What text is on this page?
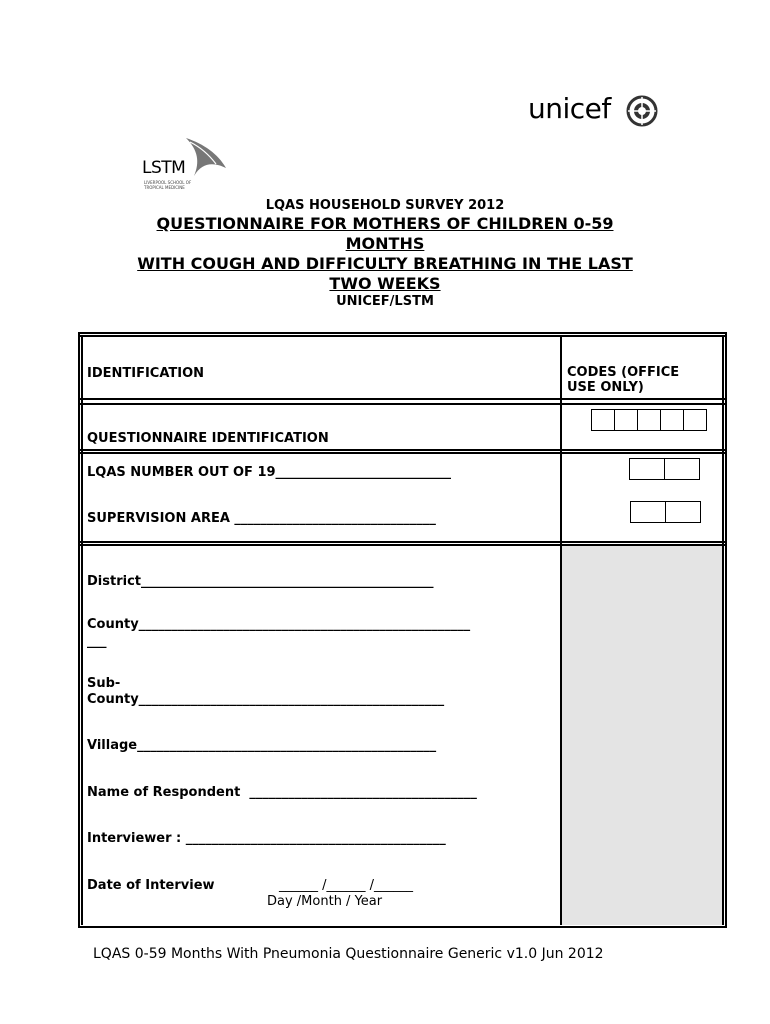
unicef
LSTM
LIVERPOOL SCHOOL OF TROPICAL MEDICINE
LQAS HOUSEHOLD SURVEY 2012
QUESTIONNAIRE FOR MOTHERS OF CHILDREN 0-59
MONTHS
WITH COUGH AND DIFFICULTY BREATHING IN THE LAST
TWO WEEKS
UNICEF/LSTM
IDENTIFICATION	CODES (OFFICE
USE ONLY)
QUESTIONNAIRE IDENTIFICATION
LQAS NUMBER OUT OF 19___________________________
SUPERVISION AREA _______________________________
District_____________________________________________
County___________________________________________________
___
Sub-
County_______________________________________________
Village______________________________________________
Name of Respondent  ___________________________________
Interviewer : ________________________________________
Date of Interview	______ /______ /______
Day /Month / Year
LQAS 0-59 Months With Pneumonia Questionnaire Generic v1.0 Jun 2012
